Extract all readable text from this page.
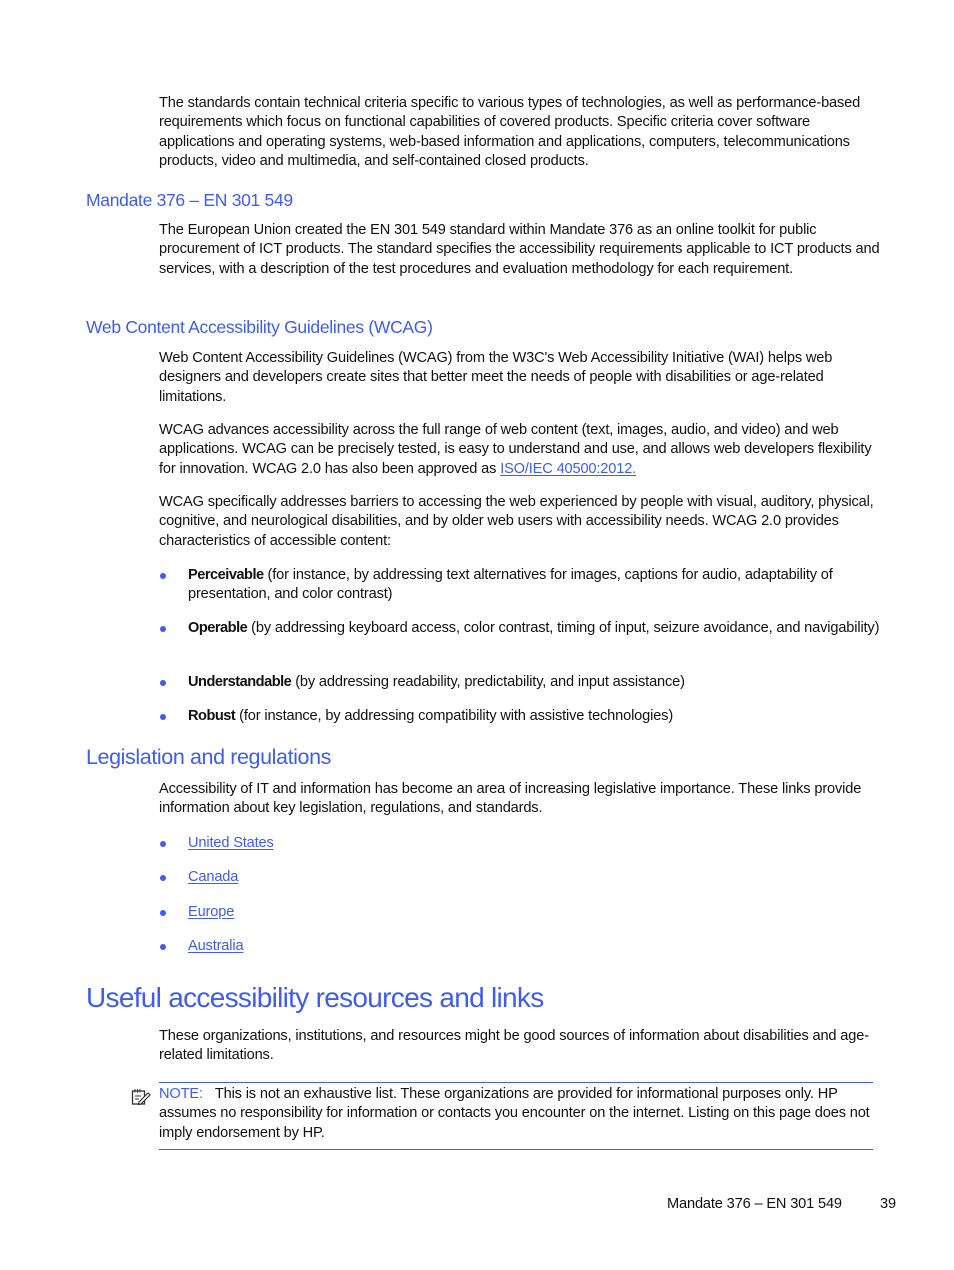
The standards contain technical criteria specific to various types of technologies, as well as performance-based requirements which focus on functional capabilities of covered products. Specific criteria cover software applications and operating systems, web-based information and applications, computers, telecommunications products, video and multimedia, and self-contained closed products.

Mandate 376 – EN 301 549

The European Union created the EN 301 549 standard within Mandate 376 as an online toolkit for public procurement of ICT products. The standard specifies the accessibility requirements applicable to ICT products and services, with a description of the test procedures and evaluation methodology for each requirement.

Web Content Accessibility Guidelines (WCAG)

Web Content Accessibility Guidelines (WCAG) from the W3C's Web Accessibility Initiative (WAI) helps web designers and developers create sites that better meet the needs of people with disabilities or age-related limitations.

WCAG advances accessibility across the full range of web content (text, images, audio, and video) and web applications. WCAG can be precisely tested, is easy to understand and use, and allows web developers flexibility for innovation. WCAG 2.0 has also been approved as ISO/IEC 40500:2012.

WCAG specifically addresses barriers to accessing the web experienced by people with visual, auditory, physical, cognitive, and neurological disabilities, and by older web users with accessibility needs. WCAG 2.0 provides characteristics of accessible content:

Perceivable (for instance, by addressing text alternatives for images, captions for audio, adaptability of presentation, and color contrast)
Operable (by addressing keyboard access, color contrast, timing of input, seizure avoidance, and navigability)
Understandable (by addressing readability, predictability, and input assistance)
Robust (for instance, by addressing compatibility with assistive technologies)
Legislation and regulations

Accessibility of IT and information has become an area of increasing legislative importance. These links provide information about key legislation, regulations, and standards.

United States
Canada
Europe
Australia
Useful accessibility resources and links

These organizations, institutions, and resources might be good sources of information about disabilities and age-related limitations.

NOTE: This is not an exhaustive list. These organizations are provided for informational purposes only. HP assumes no responsibility for information or contacts you encounter on the internet. Listing on this page does not imply endorsement by HP.
Mandate 376 – EN 301 549	39
